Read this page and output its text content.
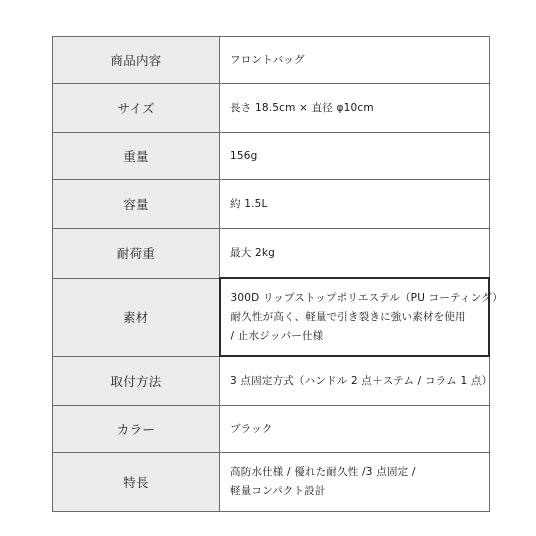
商品内容	フロントバッグ

サイズ	長さ 18.5cm × 直径 φ10cm

重量	156g

容量	約 1.5L

耐荷重	最大 2kg

素材	300D リップストップポリエステル（PU コーティング）
耐久性が高く、軽量で引き裂きに強い素材を使用
/ 止水ジッパー仕様

取付方法	3 点固定方式（ハンドル 2 点＋ステム / コラム 1 点）

カラー	ブラック

特長	高防水仕様 / 優れた耐久性 /3 点固定 /
軽量コンパクト設計
